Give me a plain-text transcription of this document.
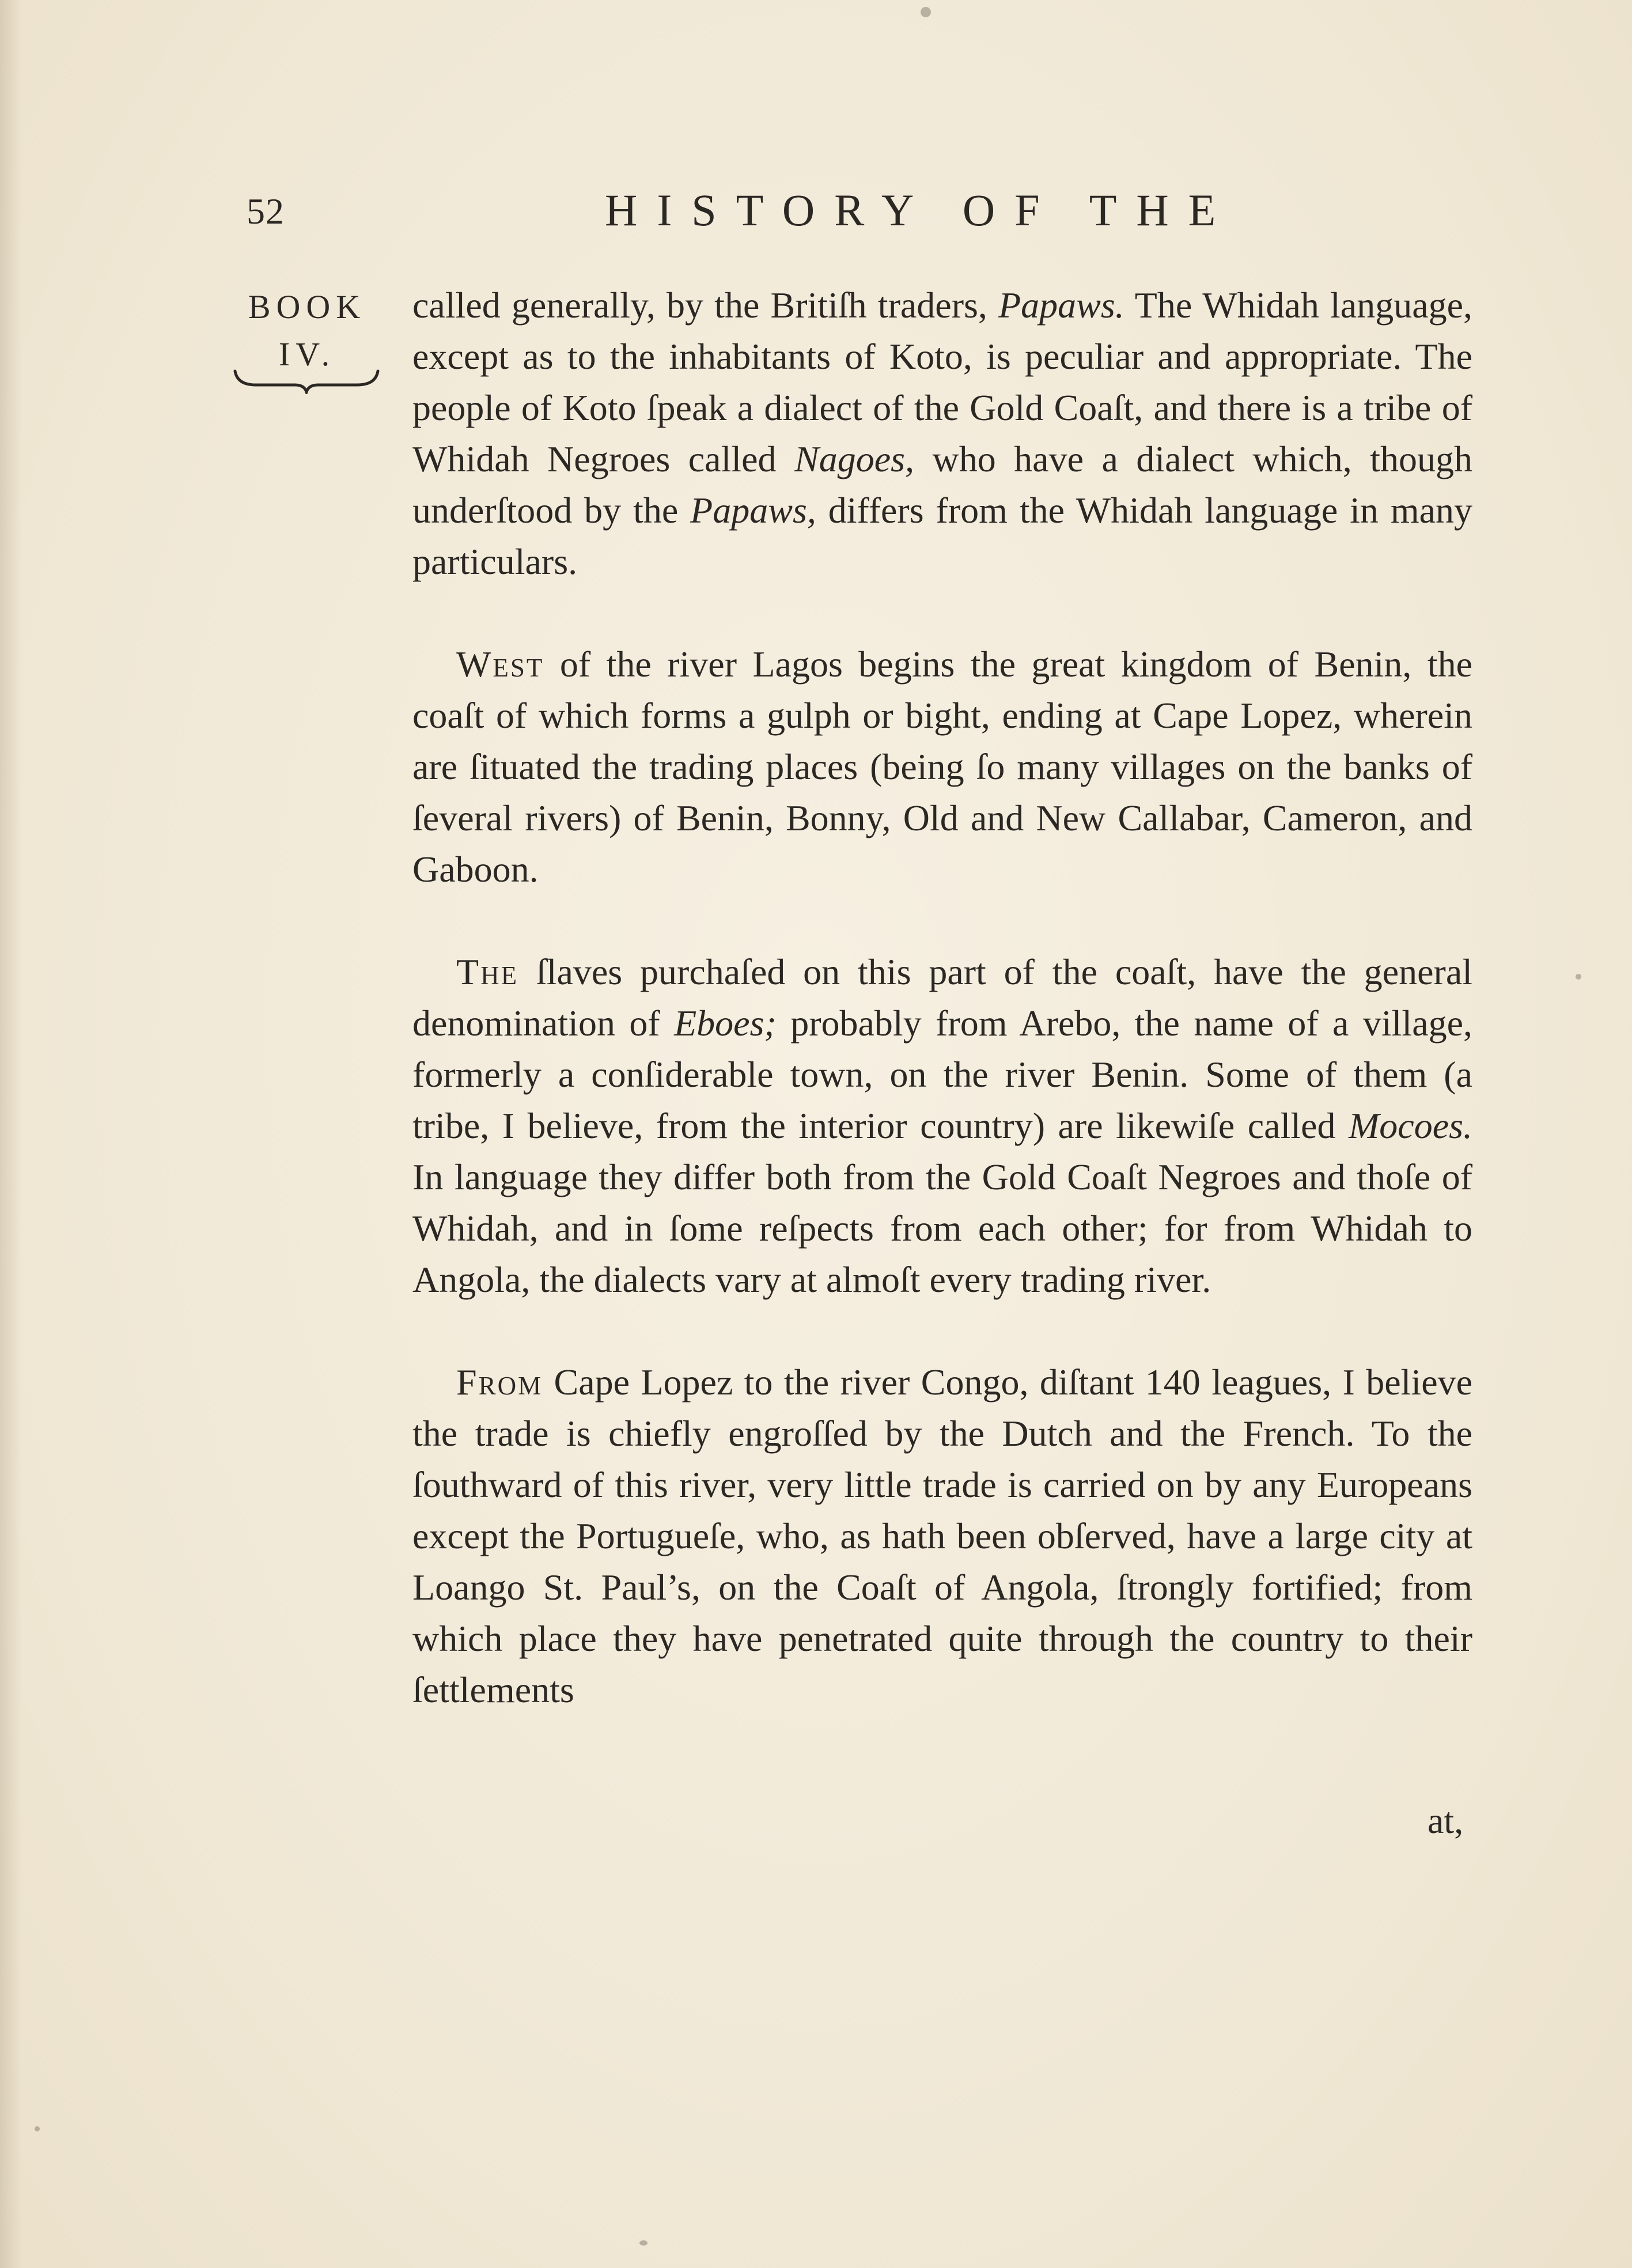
52	HISTORY OF THE
BOOK
IV.

called generally, by the Britiſh traders, Papaws. The Whidah language, except as to the inhabitants of Koto, is peculiar and appropriate. The people of Koto ſpeak a dialect of the Gold Coaſt, and there is a tribe of Whidah Negroes called Nagoes, who have a dialect which, though underſtood by the Papaws, differs from the Whidah language in many particulars.

West of the river Lagos begins the great kingdom of Benin, the coaſt of which forms a gulph or bight, ending at Cape Lopez, wherein are ſituated the trading places (being ſo many villages on the banks of ſeveral rivers) of Benin, Bonny, Old and New Callabar, Cameron, and Gaboon.

The ſlaves purchaſed on this part of the coaſt, have the general denomination of Eboes; probably from Arebo, the name of a village, formerly a conſiderable town, on the river Benin. Some of them (a tribe, I believe, from the interior country) are likewiſe called Mocoes. In language they differ both from the Gold Coaſt Negroes and thoſe of Whidah, and in ſome reſpects from each other; for from Whidah to Angola, the dialects vary at almoſt every trading river.

From Cape Lopez to the river Congo, diſtant 140 leagues, I believe the trade is chiefly engroſſed by the Dutch and the French. To the ſouthward of this river, very little trade is carried on by any Europeans except the Portugueſe, who, as hath been obſerved, have a large city at Loango St. Paul’s, on the Coaſt of Angola, ſtrongly fortified; from which place they have penetrated quite through the country to their ſettlements

at,
